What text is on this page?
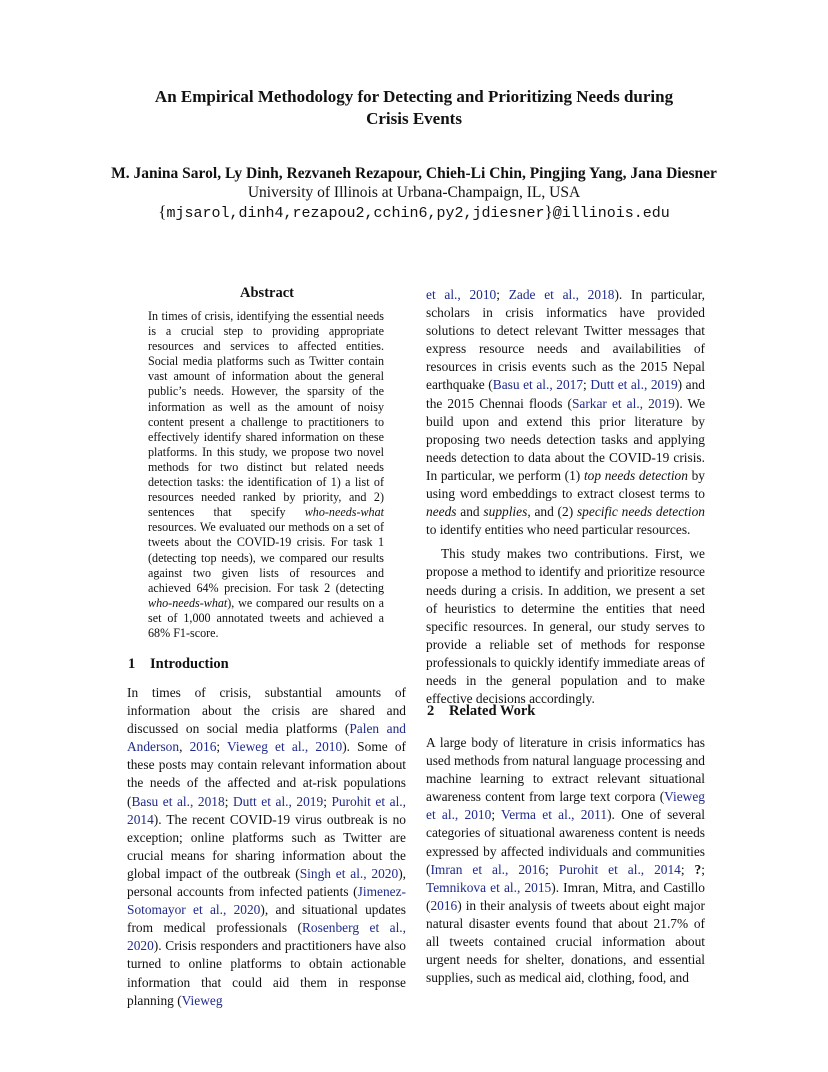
An Empirical Methodology for Detecting and Prioritizing Needs during
Crisis Events
M. Janina Sarol, Ly Dinh, Rezvaneh Rezapour, Chieh-Li Chin, Pingjing Yang, Jana Diesner
University of Illinois at Urbana-Champaign, IL, USA
{mjsarol,dinh4,rezapou2,cchin6,py2,jdiesner}@illinois.edu
Abstract
In times of crisis, identifying the essential needs is a crucial step to providing appropriate resources and services to affected entities. Social media platforms such as Twitter contain vast amount of information about the general public’s needs. However, the sparsity of the information as well as the amount of noisy content present a challenge to practitioners to effectively identify shared information on these platforms. In this study, we propose two novel methods for two distinct but related needs detection tasks: the identification of 1) a list of resources needed ranked by priority, and 2) sentences that specify who-needs-what resources. We evaluated our methods on a set of tweets about the COVID-19 crisis. For task 1 (detecting top needs), we compared our results against two given lists of resources and achieved 64% precision. For task 2 (detecting who-needs-what), we compared our results on a set of 1,000 annotated tweets and achieved a 68% F1-score.
1 Introduction

In times of crisis, substantial amounts of information about the crisis are shared and discussed on social media platforms (Palen and Anderson, 2016; Vieweg et al., 2010). Some of these posts may contain relevant information about the needs of the affected and at-risk populations (Basu et al., 2018; Dutt et al., 2019; Purohit et al., 2014). The recent COVID-19 virus outbreak is no exception; online platforms such as Twitter are crucial means for sharing information about the global impact of the outbreak (Singh et al., 2020), personal accounts from infected patients (Jimenez-Sotomayor et al., 2020), and situational updates from medical professionals (Rosenberg et al., 2020). Crisis responders and practitioners have also turned to online platforms to obtain actionable information that could aid them in response planning (Vieweg

et al., 2010; Zade et al., 2018). In particular, scholars in crisis informatics have provided solutions to detect relevant Twitter messages that express resource needs and availabilities of resources in crisis events such as the 2015 Nepal earthquake (Basu et al., 2017; Dutt et al., 2019) and the 2015 Chennai floods (Sarkar et al., 2019). We build upon and extend this prior literature by proposing two needs detection tasks and applying needs detection to data about the COVID-19 crisis. In particular, we perform (1) top needs detection by using word embeddings to extract closest terms to needs and supplies, and (2) specific needs detection to identify entities who need particular resources.

This study makes two contributions. First, we propose a method to identify and prioritize resource needs during a crisis. In addition, we present a set of heuristics to determine the entities that need specific resources. In general, our study serves to provide a reliable set of methods for response professionals to quickly identify immediate areas of needs in the general population and to make effective decisions accordingly.

2 Related Work

A large body of literature in crisis informatics has used methods from natural language processing and machine learning to extract relevant situational awareness content from large text corpora (Vieweg et al., 2010; Verma et al., 2011). One of several categories of situational awareness content is needs expressed by affected individuals and communities (Imran et al., 2016; Purohit et al., 2014; ?; Temnikova et al., 2015). Imran, Mitra, and Castillo (2016) in their analysis of tweets about eight major natural disaster events found that about 21.7% of all tweets contained crucial information about urgent needs for shelter, donations, and essential supplies, such as medical aid, clothing, food, and
